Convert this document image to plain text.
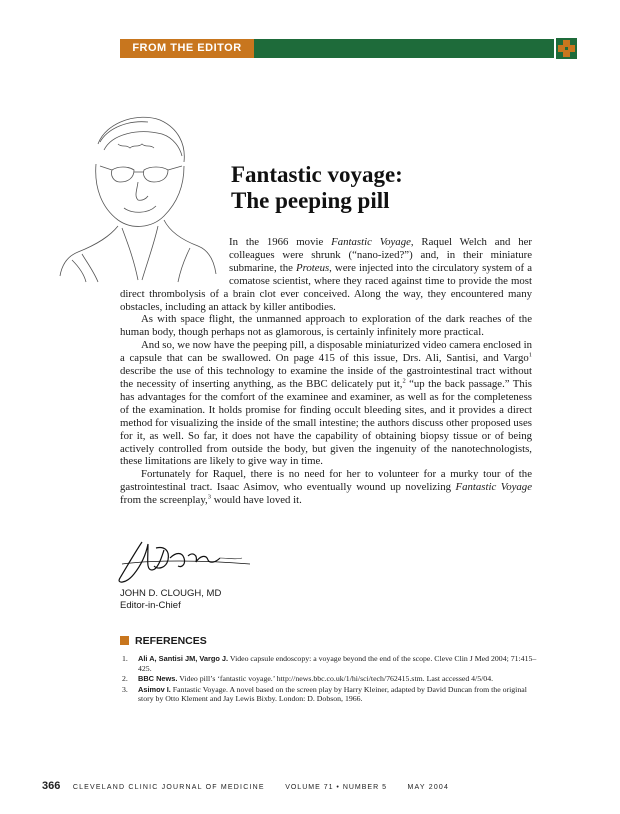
FROM THE EDITOR
Fantastic voyage:
The peeping pill

In the 1966 movie Fantastic Voyage, Raquel Welch and her colleagues were shrunk (“nano-ized?”) and, in their miniature submarine, the Proteus, were injected into the circulatory system of a comatose scientist, where they raced against time to provide the most direct thrombolysis of a brain clot ever conceived. Along the way, they encountered many obstacles, including an attack by killer antibodies.

As with space flight, the unmanned approach to exploration of the dark reaches of the human body, though perhaps not as glamorous, is certainly infinitely more practical.

And so, we now have the peeping pill, a disposable miniaturized video camera enclosed in a capsule that can be swallowed. On page 415 of this issue, Drs. Ali, Santisi, and Vargo$^1$ describe the use of this technology to examine the inside of the gastrointestinal tract without the necessity of inserting anything, as the BBC delicately put it,$^2$ “up the back passage.” This has advantages for the comfort of the examinee and examiner, as well as for the completeness of the examination. It holds promise for finding occult bleeding sites, and it provides a direct method for visualizing the inside of the small intestine; the authors discuss other proposed uses for it, as well. So far, it does not have the capability of obtaining biopsy tissue or of being actively controlled from outside the body, but given the ingenuity of the nanotechnologists, these limitations are likely to give way in time.

Fortunately for Raquel, there is no need for her to volunteer for a murky tour of the gastrointestinal tract. Isaac Asimov, who eventually wound up novelizing Fantastic Voyage from the screenplay,$^3$ would have loved it.

JOHN D. CLOUGH, MD
Editor-in-Chief
REFERENCES
1. Ali A, Santisi JM, Vargo J. Video capsule endoscopy: a voyage beyond the end of the scope. Cleve Clin J Med 2004; 71:415–425.
2. BBC News. Video pill’s ‘fantastic voyage.’ http://news.bbc.co.uk/1/hi/sci/tech/762415.stm. Last accessed 4/5/04.
3. Asimov I. Fantastic Voyage. A novel based on the screen play by Harry Kleiner, adapted by David Duncan from the original story by Otto Klement and Jay Lewis Bixby. London: D. Dobson, 1966.
366 CLEVELAND CLINIC JOURNAL OF MEDICINE	VOLUME 71 • NUMBER 5	MAY 2004
